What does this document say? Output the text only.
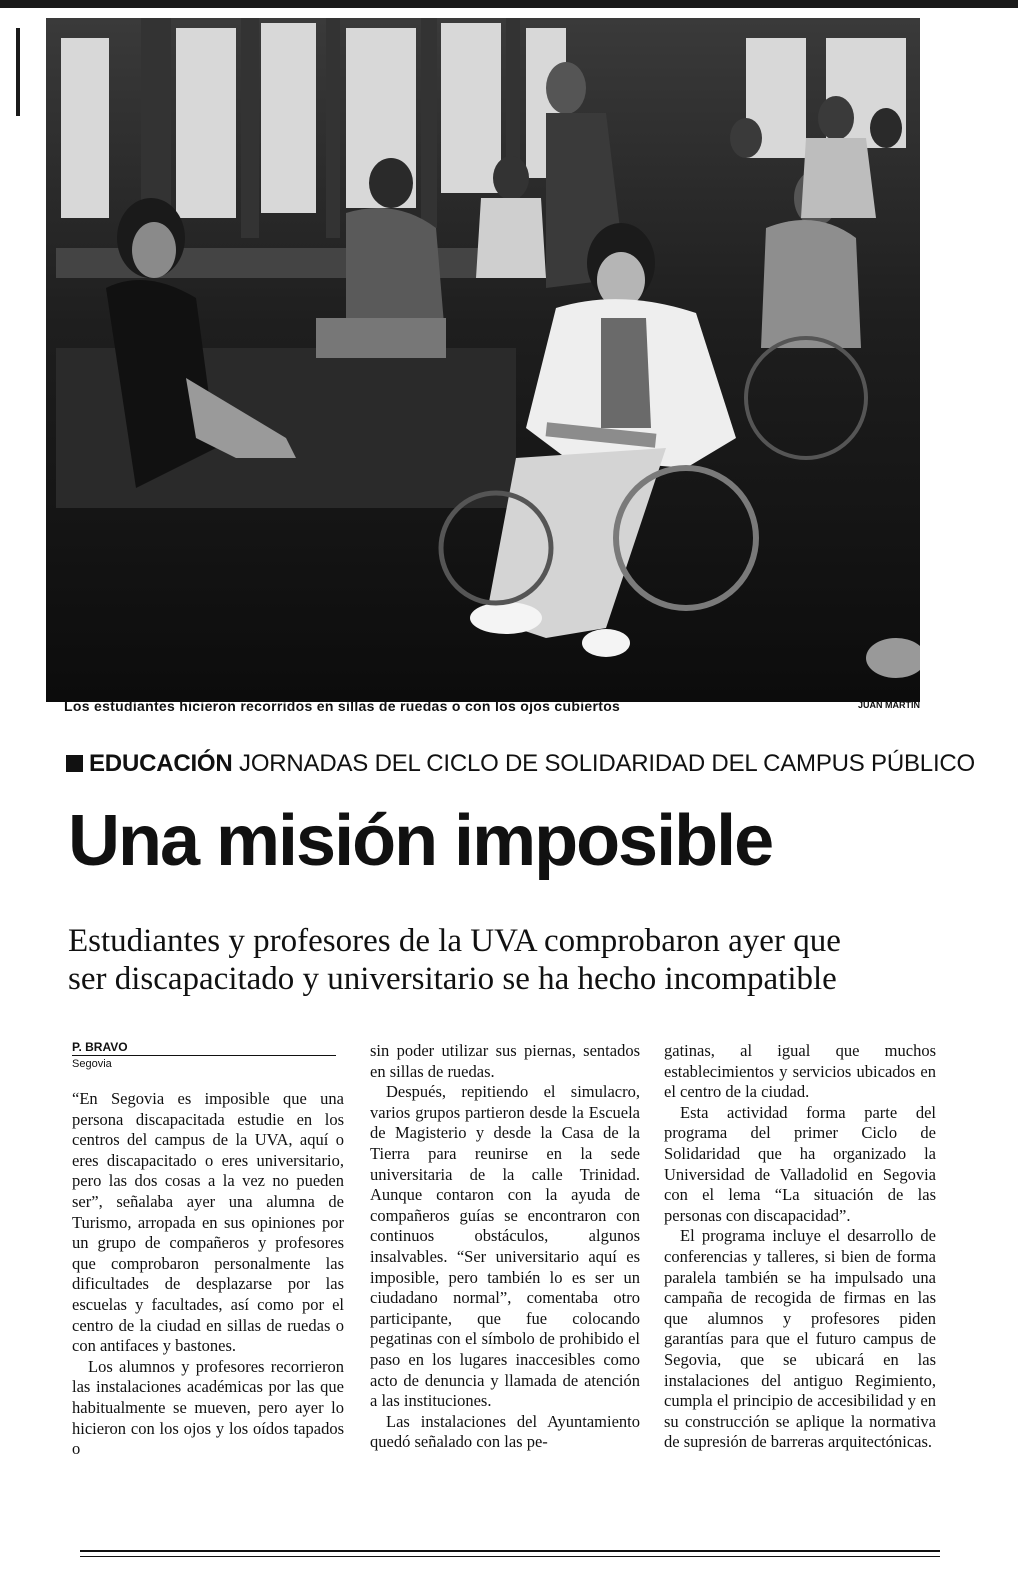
Los estudiantes hicieron recorridos en sillas de ruedas o con los ojos cubiertos	JUAN MARTÍN
EDUCACIÓN JORNADAS DEL CICLO DE SOLIDARIDAD DEL CAMPUS PÚBLICO
Una misión imposible
Estudiantes y profesores de la UVA comprobaron ayer que
ser discapacitado y universitario se ha hecho incompatible
P. BRAVO
Segovia

“En Segovia es imposible que una persona discapacitada estudie en los centros del campus de la UVA, aquí o eres discapacitado o eres universitario, pero las dos cosas a la vez no pueden ser”, señalaba ayer una alumna de Turismo, arropada en sus opiniones por un grupo de compañeros y profesores que comprobaron personalmente las dificultades de desplazarse por las escuelas y facultades, así como por el centro de la ciudad en sillas de ruedas o con antifaces y bastones.

Los alumnos y profesores recorrieron las instalaciones académicas por las que habitualmente se mueven, pero ayer lo hicieron con los ojos y los oídos tapados o

sin poder utilizar sus piernas, sentados en sillas de ruedas.

Después, repitiendo el simulacro, varios grupos partieron desde la Escuela de Magisterio y desde la Casa de la Tierra para reunirse en la sede universitaria de la calle Trinidad. Aunque contaron con la ayuda de compañeros guías se encontraron con continuos obstáculos, algunos insalvables. “Ser universitario aquí es imposible, pero también lo es ser un ciudadano normal”, comentaba otro participante, que fue colocando pegatinas con el símbolo de prohibido el paso en los lugares inaccesibles como acto de denuncia y llamada de atención a las instituciones.

Las instalaciones del Ayuntamiento quedó señalado con las pe-

gatinas, al igual que muchos establecimientos y servicios ubicados en el centro de la ciudad.

Esta actividad forma parte del programa del primer Ciclo de Solidaridad que ha organizado la Universidad de Valladolid en Segovia con el lema “La situación de las personas con discapacidad”.

El programa incluye el desarrollo de conferencias y talleres, si bien de forma paralela también se ha impulsado una campaña de recogida de firmas en las que alumnos y profesores piden garantías para que el futuro campus de Segovia, que se ubicará en las instalaciones del antiguo Regimiento, cumpla el principio de accesibilidad y en su construcción se aplique la normativa de supresión de barreras arquitectónicas.
